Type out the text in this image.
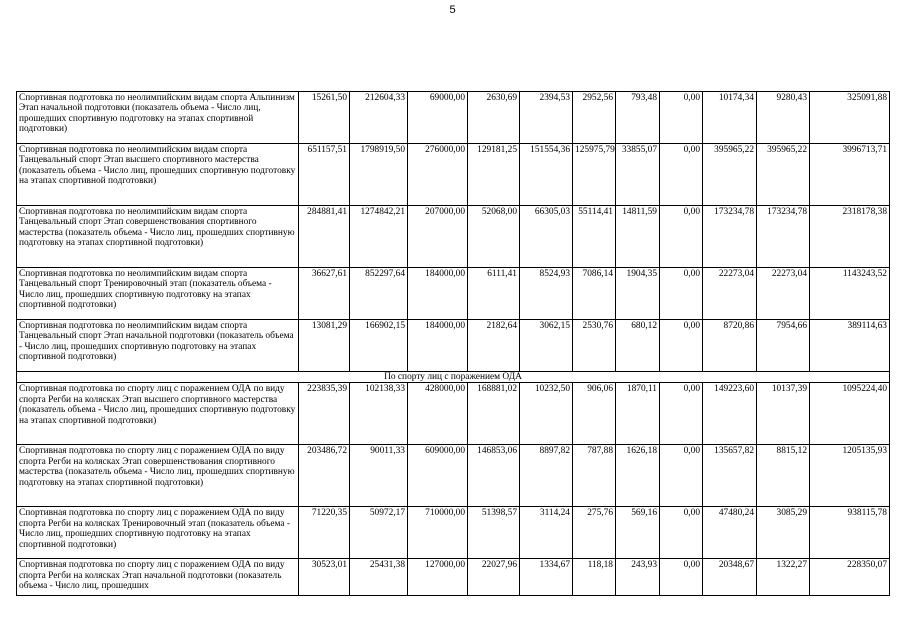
5
Спортивная подготовка по неолимпийским видам спорта Альпинизм Этап начальной подготовки (показатель объема - Число лиц, прошедших спортивную подготовку на этапах спортивной подготовки)	15261,50	212604,33	69000,00	2630,69	2394,53	2952,56	793,48	0,00	10174,34	9280,43	325091,88
Спортивная подготовка по неолимпийским видам спорта Танцевальный спорт Этап высшего спортивного мастерства (показатель объема - Число лиц, прошедших спортивную подготовку на этапах спортивной подготовки)	651157,51	1798919,50	276000,00	129181,25	151554,36	125975,79	33855,07	0,00	395965,22	395965,22	3996713,71
Спортивная подготовка по неолимпийским видам спорта Танцевальный спорт Этап совершенствования спортивного мастерства (показатель объема - Число лиц, прошедших спортивную подготовку на этапах спортивной подготовки)	284881,41	1274842,21	207000,00	52068,00	66305,03	55114,41	14811,59	0,00	173234,78	173234,78	2318178,38
Спортивная подготовка по неолимпийским видам спорта Танцевальный спорт Тренировочный этап (показатель объема - Число лиц, прошедших спортивную подготовку на этапах спортивной подготовки)	36627,61	852297,64	184000,00	6111,41	8524,93	7086,14	1904,35	0,00	22273,04	22273,04	1143243,52
Спортивная подготовка по неолимпийским видам спорта Танцевальный спорт Этап начальной подготовки (показатель объема - Число лиц, прошедших спортивную подготовку на этапах спортивной подготовки)	13081,29	166902,15	184000,00	2182,64	3062,15	2530,76	680,12	0,00	8720,86	7954,66	389114,63
По спорту лиц с поражением ОДА											
Спортивная подготовка по спорту лиц с поражением ОДА по виду спорта Регби на колясках Этап высшего спортивного мастерства (показатель объема - Число лиц, прошедших спортивную подготовку на этапах спортивной подготовки)	223835,39	102138,33	428000,00	168881,02	10232,50	906,06	1870,11	0,00	149223,60	10137,39	1095224,40
Спортивная подготовка по спорту лиц с поражением ОДА по виду спорта Регби на колясках Этап совершенствования спортивного мастерства (показатель объема - Число лиц, прошедших спортивную подготовку на этапах спортивной подготовки)	203486,72	90011,33	609000,00	146853,06	8897,82	787,88	1626,18	0,00	135657,82	8815,12	1205135,93
Спортивная подготовка по спорту лиц с поражением ОДА по виду спорта Регби на колясках Тренировочный этап (показатель объема - Число лиц, прошедших спортивную подготовку на этапах спортивной подготовки)	71220,35	50972,17	710000,00	51398,57	3114,24	275,76	569,16	0,00	47480,24	3085,29	938115,78
Спортивная подготовка по спорту лиц с поражением ОДА по виду спорта Регби на колясках Этап начальной подготовки (показатель объема - Число лиц, прошедших	30523,01	25431,38	127000,00	22027,96	1334,67	118,18	243,93	0,00	20348,67	1322,27	228350,07
